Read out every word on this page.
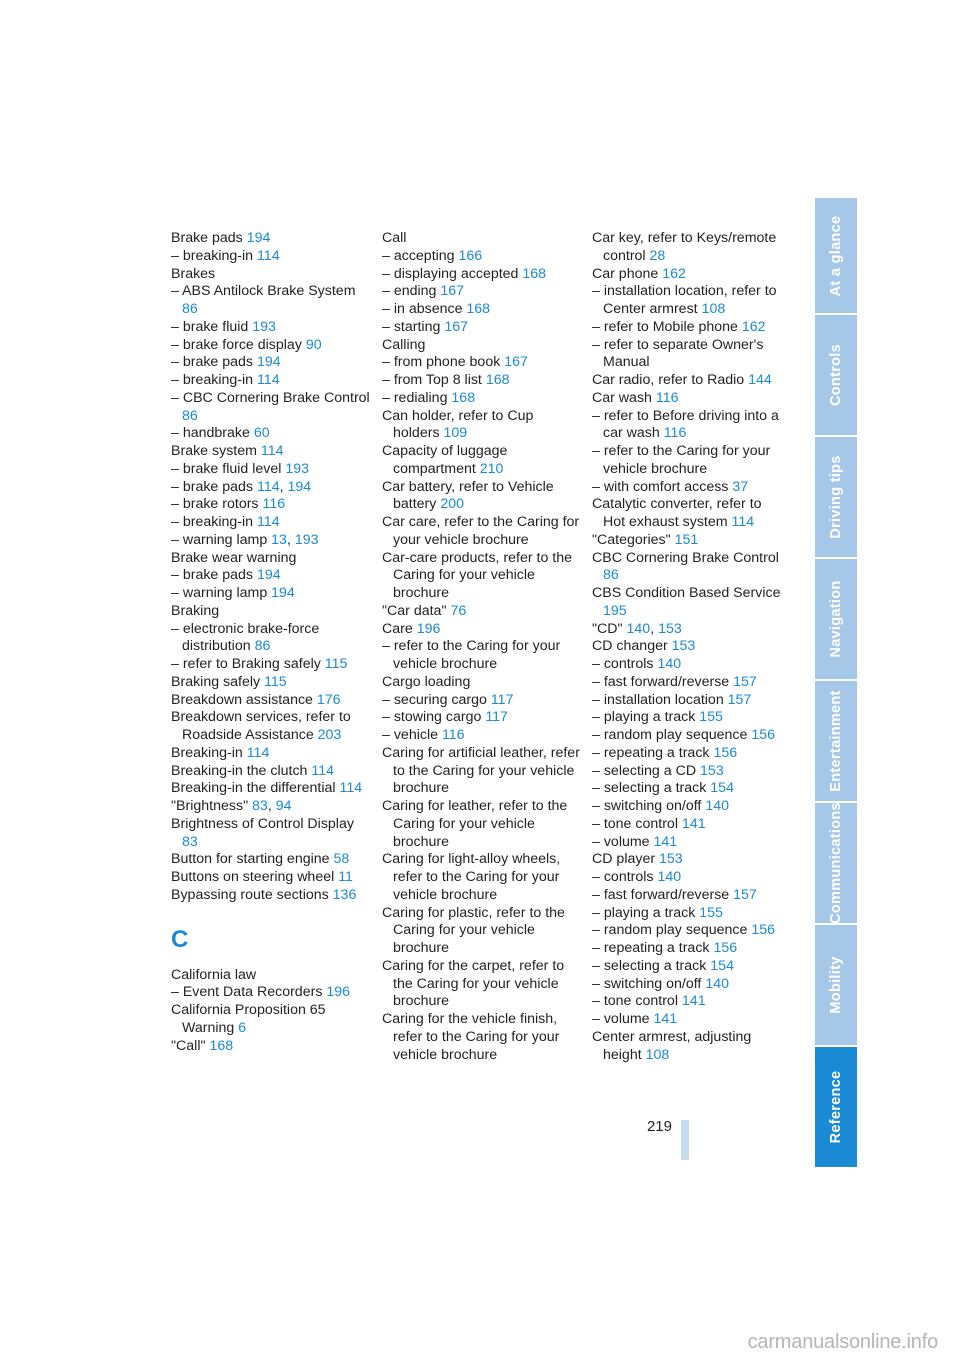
Brake pads 194
– breaking-in 114
Brakes
– ABS Antilock Brake System 86
– brake fluid 193
– brake force display 90
– brake pads 194
– breaking-in 114
– CBC Cornering Brake Control 86
– handbrake 60
Brake system 114
– brake fluid level 193
– brake pads 114, 194
– brake rotors 116
– breaking-in 114
– warning lamp 13, 193
Brake wear warning
– brake pads 194
– warning lamp 194
Braking
– electronic brake-force distribution 86
– refer to Braking safely 115
Braking safely 115
Breakdown assistance 176
Breakdown services, refer to Roadside Assistance 203
Breaking-in 114
Breaking-in the clutch 114
Breaking-in the differential 114
"Brightness" 83, 94
Brightness of Control Display 83
Button for starting engine 58
Buttons on steering wheel 11
Bypassing route sections 136
C
California law
– Event Data Recorders 196
California Proposition 65 Warning 6
"Call" 168
Call
– accepting 166
– displaying accepted 168
– ending 167
– in absence 168
– starting 167
Calling
– from phone book 167
– from Top 8 list 168
– redialing 168
Can holder, refer to Cup holders 109
Capacity of luggage compartment 210
Car battery, refer to Vehicle battery 200
Car care, refer to the Caring for your vehicle brochure
Car-care products, refer to the Caring for your vehicle brochure
"Car data" 76
Care 196
– refer to the Caring for your vehicle brochure
Cargo loading
– securing cargo 117
– stowing cargo 117
– vehicle 116
Caring for artificial leather, refer to the Caring for your vehicle brochure
Caring for leather, refer to the Caring for your vehicle brochure
Caring for light-alloy wheels, refer to the Caring for your vehicle brochure
Caring for plastic, refer to the Caring for your vehicle brochure
Caring for the carpet, refer to the Caring for your vehicle brochure
Caring for the vehicle finish, refer to the Caring for your vehicle brochure
Car key, refer to Keys/remote control 28
Car phone 162
– installation location, refer to Center armrest 108
– refer to Mobile phone 162
– refer to separate Owner's Manual
Car radio, refer to Radio 144
Car wash 116
– refer to Before driving into a car wash 116
– refer to the Caring for your vehicle brochure
– with comfort access 37
Catalytic converter, refer to Hot exhaust system 114
"Categories" 151
CBC Cornering Brake Control 86
CBS Condition Based Service 195
"CD" 140, 153
CD changer 153
– controls 140
– fast forward/reverse 157
– installation location 157
– playing a track 155
– random play sequence 156
– repeating a track 156
– selecting a CD 153
– selecting a track 154
– switching on/off 140
– tone control 141
– volume 141
CD player 153
– controls 140
– fast forward/reverse 157
– playing a track 155
– random play sequence 156
– repeating a track 156
– selecting a track 154
– switching on/off 140
– tone control 141
– volume 141
Center armrest, adjusting height 108
At a glance
Controls
Driving tips
Navigation
Entertainment
Communications
Mobility
Reference
219
carmanualsonline.info
